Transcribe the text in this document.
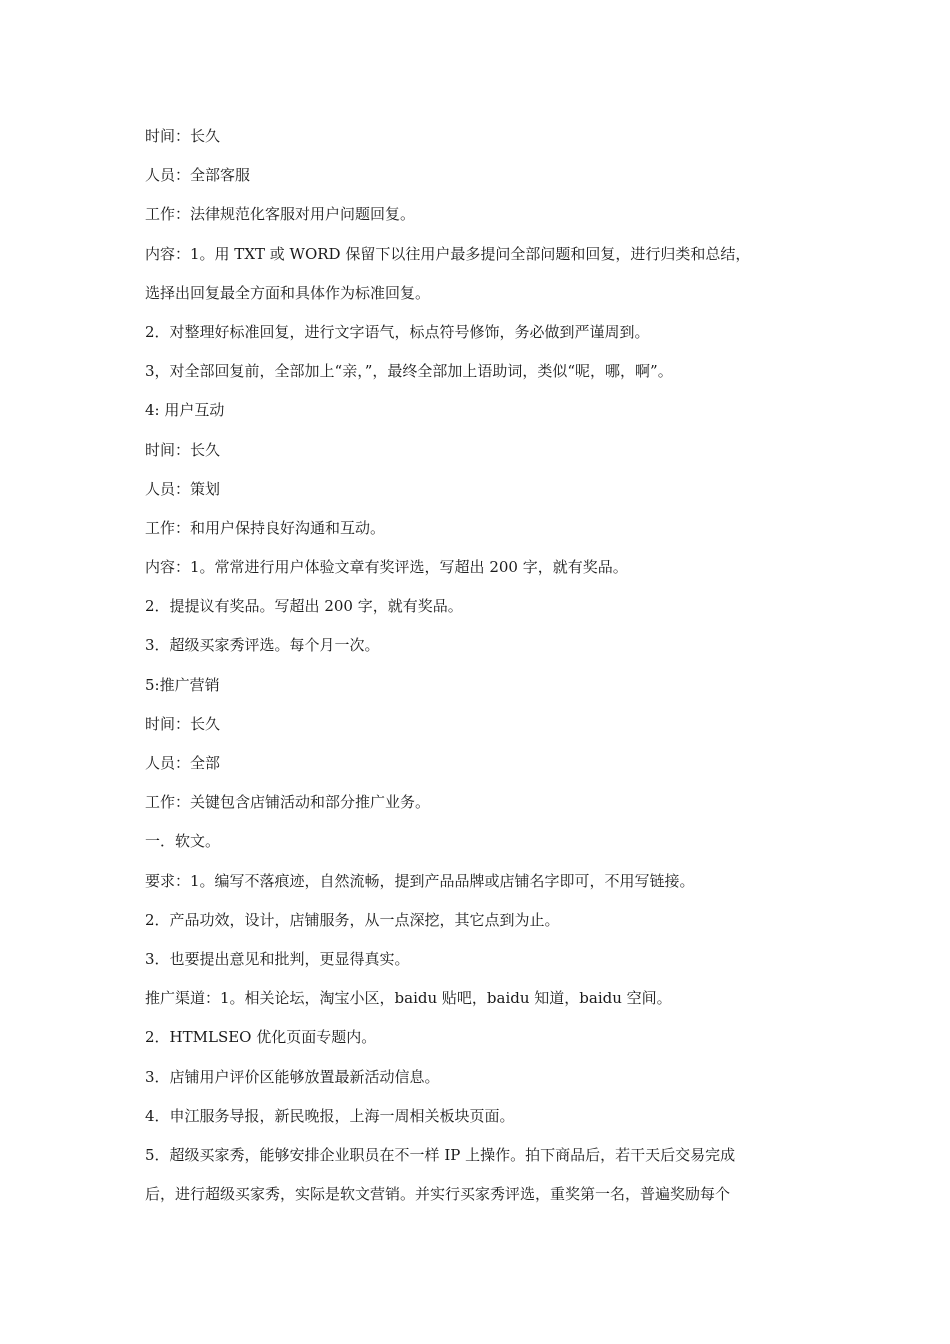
时间：长久
人员：全部客服
工作：法律规范化客服对用户问题回复。
内容：1。用 TXT 或 WORD 保留下以往用户最多提问全部问题和回复，进行归类和总结，
选择出回复最全方面和具体作为标准回复。
2．对整理好标准回复，进行文字语气，标点符号修饰，务必做到严谨周到。
3，对全部回复前，全部加上“亲，”，最终全部加上语助词，类似“呢，哪，啊”。
4: 用户互动
时间：长久
人员：策划
工作：和用户保持良好沟通和互动。
内容：1。常常进行用户体验文章有奖评选，写超出 200 字，就有奖品。
2．提提议有奖品。写超出 200 字，就有奖品。
3．超级买家秀评选。每个月一次。
5:推广营销
时间：长久
人员：全部
工作：关键包含店铺活动和部分推广业务。
一．软文。
要求：1。编写不落痕迹，自然流畅，提到产品品牌或店铺名字即可，不用写链接。
2．产品功效，设计，店铺服务，从一点深挖，其它点到为止。
3．也要提出意见和批判，更显得真实。
推广渠道：1。相关论坛，淘宝小区，baidu 贴吧，baidu 知道，baidu 空间。
2．HTMLSEO 优化页面专题内。
3．店铺用户评价区能够放置最新活动信息。
4．申江服务导报，新民晚报，上海一周相关板块页面。
5．超级买家秀，能够安排企业职员在不一样 IP 上操作。拍下商品后，若干天后交易完成
后，进行超级买家秀，实际是软文营销。并实行买家秀评选，重奖第一名，普遍奖励每个
